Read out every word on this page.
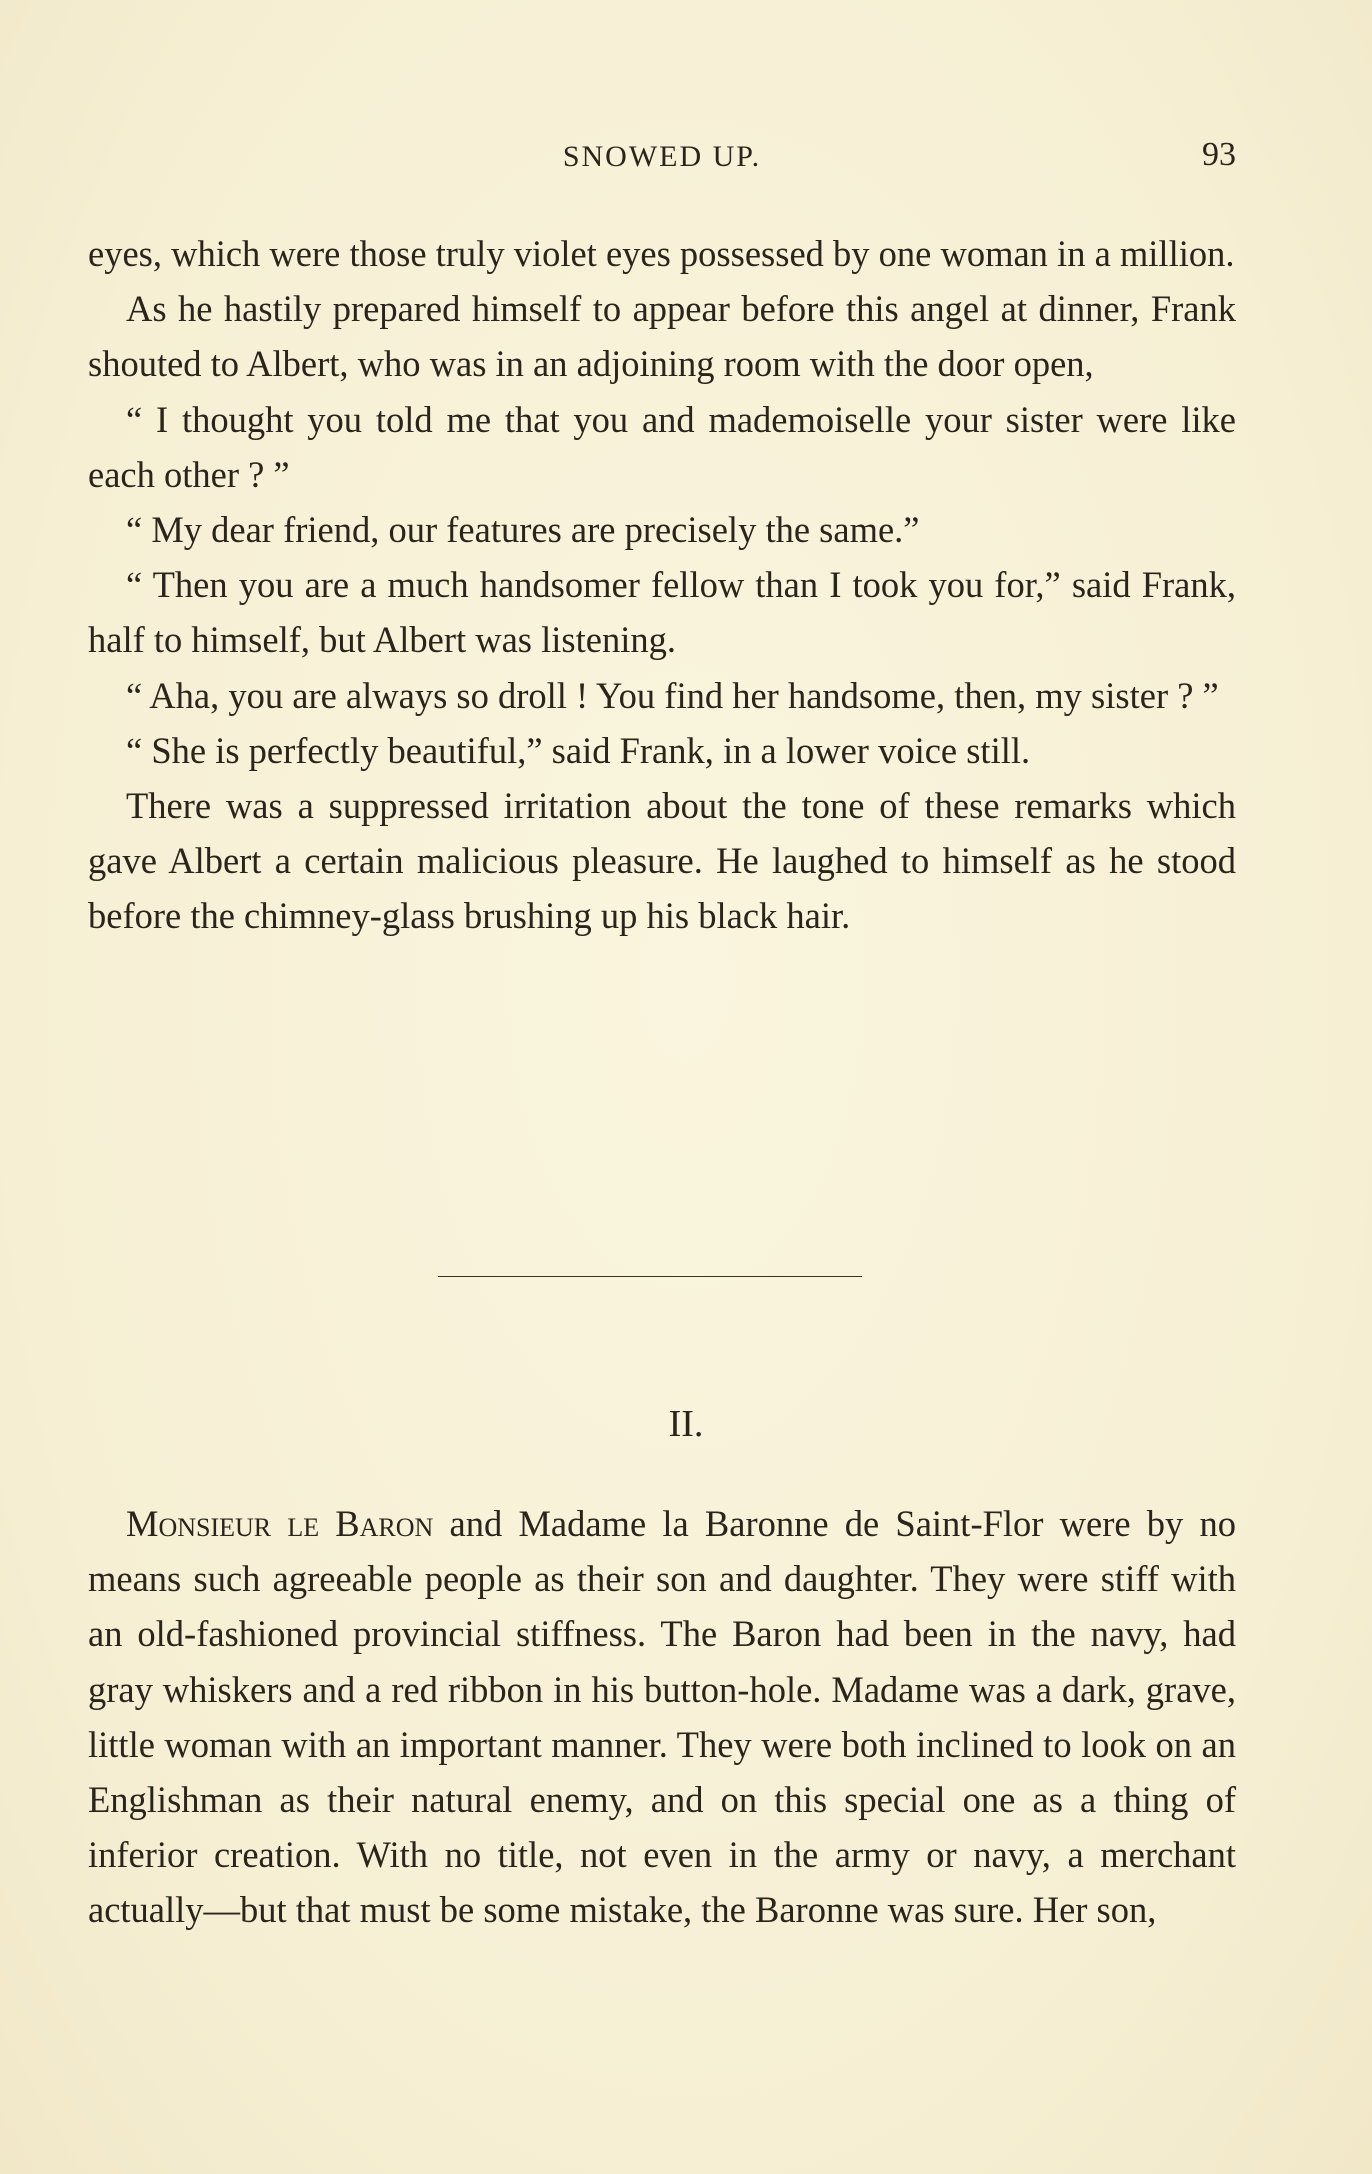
SNOWED UP.	93

eyes, which were those truly violet eyes possessed by one woman in a million.

As he hastily prepared himself to appear before this angel at dinner, Frank shouted to Albert, who was in an adjoining room with the door open,

“ I thought you told me that you and mademoiselle your sister were like each other ? ”

“ My dear friend, our features are precisely the same.”

“ Then you are a much handsomer fellow than I took you for,” said Frank, half to himself, but Albert was listening.

“ Aha, you are always so droll ! You find her handsome, then, my sister ? ”

“ She is perfectly beautiful,” said Frank, in a lower voice still.

There was a suppressed irritation about the tone of these remarks which gave Albert a certain malicious pleasure. He laughed to himself as he stood before the chimney-glass brushing up his black hair.

II.

Monsieur le Baron and Madame la Baronne de Saint-Flor were by no means such agreeable people as their son and daughter. They were stiff with an old-fashioned provincial stiffness. The Baron had been in the navy, had gray whiskers and a red ribbon in his button-hole. Madame was a dark, grave, little woman with an important manner. They were both inclined to look on an Englishman as their natural enemy, and on this special one as a thing of inferior creation. With no title, not even in the army or navy, a merchant actually—but that must be some mistake, the Baronne was sure. Her son,
